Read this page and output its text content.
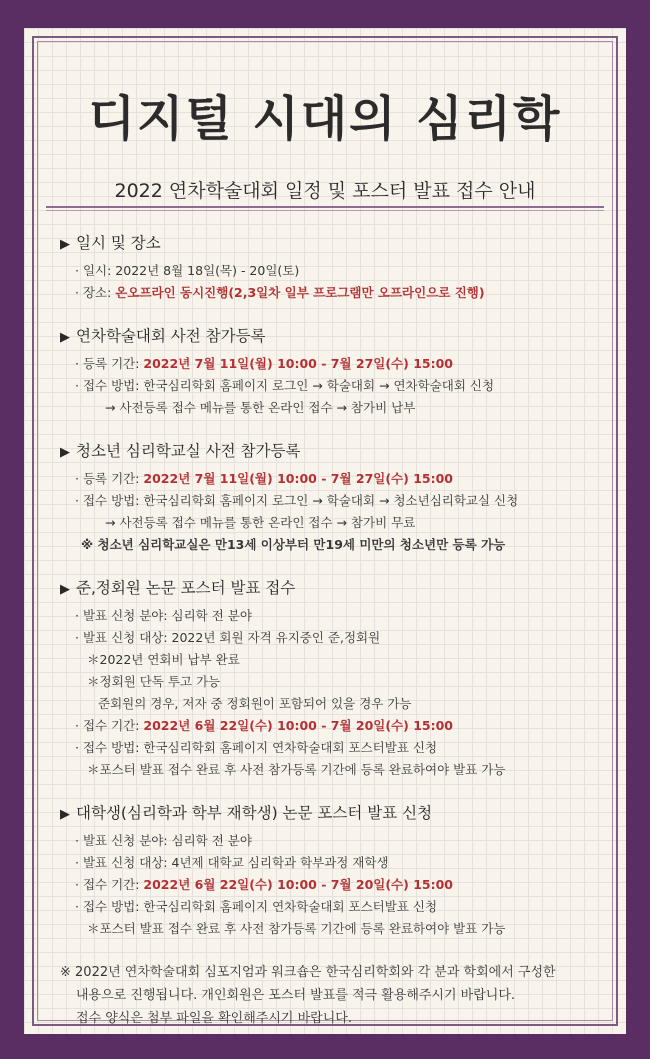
디지털 시대의 심리학
2022 연차학술대회 일정 및 포스터 발표 접수 안내
▶ 일시 및 장소
· 일시: 2022년 8월 18일(목) - 20일(토)
· 장소: 온오프라인 동시진행(2,3일차 일부 프로그램만 오프라인으로 진행)
▶ 연차학술대회 사전 참가등록
· 등록 기간: 2022년 7월 11일(월) 10:00 - 7월 27일(수) 15:00
· 접수 방법: 한국심리학회 홈페이지 로그인 → 학술대회 → 연차학술대회 신청
→ 사전등록 접수 메뉴를 통한 온라인 접수 → 참가비 납부
▶ 청소년 심리학교실 사전 참가등록
· 등록 기간: 2022년 7월 11일(월) 10:00 - 7월 27일(수) 15:00
· 접수 방법: 한국심리학회 홈페이지 로그인 → 학술대회 → 청소년심리학교실 신청
→ 사전등록 접수 메뉴를 통한 온라인 접수 → 참가비 무료
※ 청소년 심리학교실은 만13세 이상부터 만19세 미만의 청소년만 등록 가능
▶ 준,정회원 논문 포스터 발표 접수
· 발표 신청 분야: 심리학 전 분야
· 발표 신청 대상: 2022년 회원 자격 유지중인 준,정회원
＊2022년 연회비 납부 완료
＊정회원 단독 투고 가능
준회원의 경우, 저자 중 정회원이 포함되어 있을 경우 가능
· 접수 기간: 2022년 6월 22일(수) 10:00 - 7월 20일(수) 15:00
· 접수 방법: 한국심리학회 홈페이지 연차학술대회 포스터발표 신청
＊포스터 발표 접수 완료 후 사전 참가등록 기간에 등록 완료하여야 발표 가능
▶ 대학생(심리학과 학부 재학생) 논문 포스터 발표 신청
· 발표 신청 분야: 심리학 전 분야
· 발표 신청 대상: 4년제 대학교 심리학과 학부과정 재학생
· 접수 기간: 2022년 6월 22일(수) 10:00 - 7월 20일(수) 15:00
· 접수 방법: 한국심리학회 홈페이지 연차학술대회 포스터발표 신청
＊포스터 발표 접수 완료 후 사전 참가등록 기간에 등록 완료하여야 발표 가능
※ 2022년 연차학술대회 심포지엄과 워크숍은 한국심리학회와 각 분과 학회에서 구성한
내용으로 진행됩니다. 개인회원은 포스터 발표를 적극 활용해주시기 바랍니다.
접수 양식은 첨부 파일을 확인해주시기 바랍니다.
